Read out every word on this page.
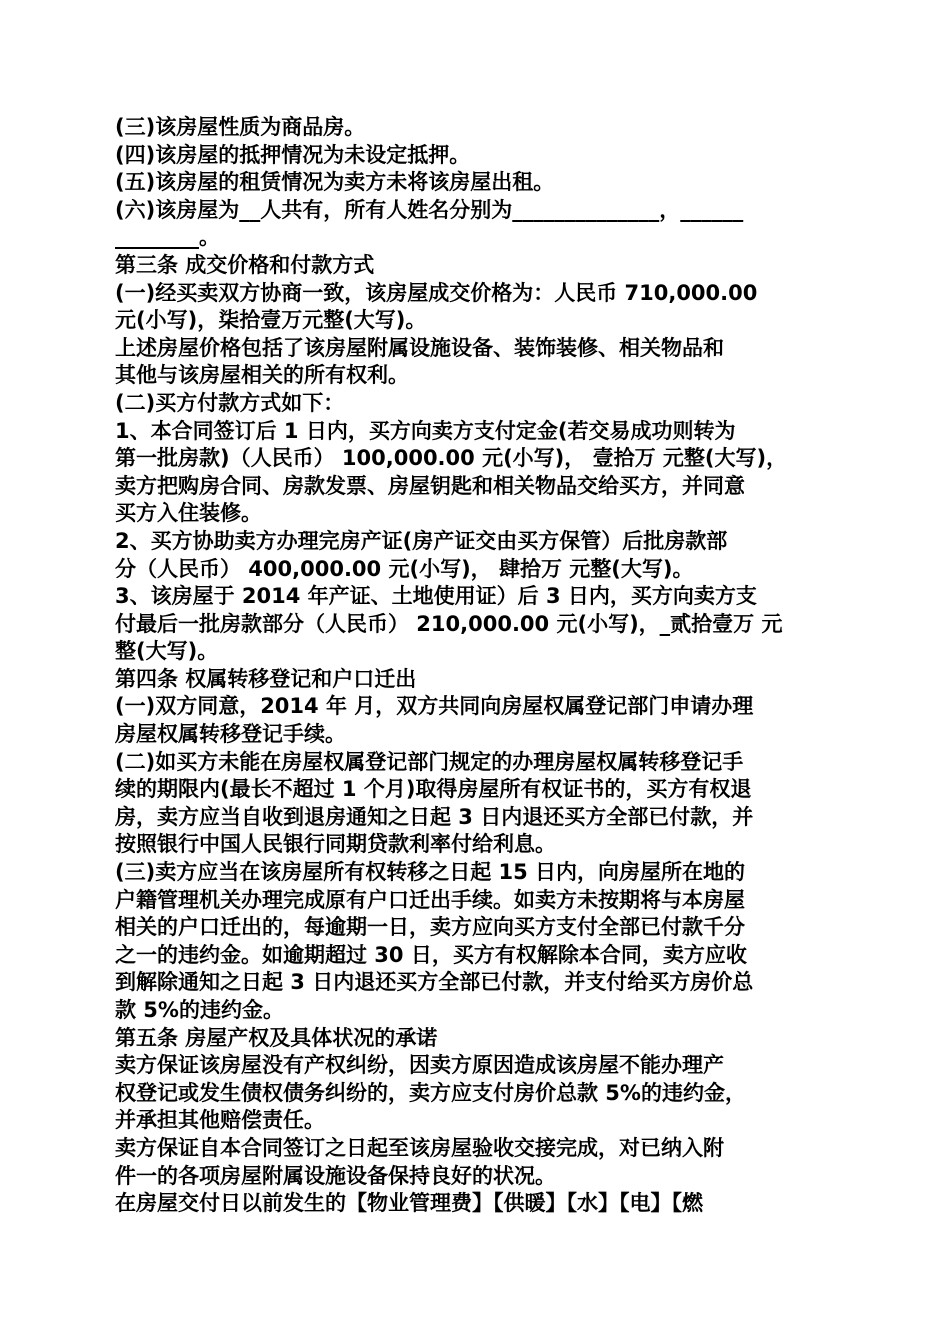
(三)该房屋性质为商品房。
(四)该房屋的抵押情况为未设定抵押。
(五)该房屋的租赁情况为卖方未将该房屋出租。
(六)该房屋为__人共有，所有人姓名分别为______________，______
________。
第三条 成交价格和付款方式
(一)经买卖双方协商一致，该房屋成交价格为：人民币 710,000.00
元(小写)，柒拾壹万元整(大写)。
上述房屋价格包括了该房屋附属设施设备、装饰装修、相关物品和
其他与该房屋相关的所有权利。
(二)买方付款方式如下：
1、本合同签订后 1 日内，买方向卖方支付定金(若交易成功则转为
第一批房款)（人民币） 100,000.00 元(小写)， 壹拾万 元整(大写)，
卖方把购房合同、房款发票、房屋钥匙和相关物品交给买方，并同意
买方入住装修。
2、买方协助卖方办理完房产证(房产证交由买方保管）后批房款部
分（人民币） 400,000.00 元(小写)， 肆拾万 元整(大写)。
3、该房屋于 2014 年产证、土地使用证）后 3 日内，买方向卖方支
付最后一批房款部分（人民币） 210,000.00 元(小写)，_贰拾壹万 元
整(大写)。
第四条 权属转移登记和户口迁出
(一)双方同意，2014 年 月，双方共同向房屋权属登记部门申请办理
房屋权属转移登记手续。
(二)如买方未能在房屋权属登记部门规定的办理房屋权属转移登记手
续的期限内(最长不超过 1 个月)取得房屋所有权证书的，买方有权退
房，卖方应当自收到退房通知之日起 3 日内退还买方全部已付款，并
按照银行中国人民银行同期贷款利率付给利息。
(三)卖方应当在该房屋所有权转移之日起 15 日内，向房屋所在地的
户籍管理机关办理完成原有户口迁出手续。如卖方未按期将与本房屋
相关的户口迁出的，每逾期一日，卖方应向买方支付全部已付款千分
之一的违约金。如逾期超过 30 日，买方有权解除本合同，卖方应收
到解除通知之日起 3 日内退还买方全部已付款，并支付给买方房价总
款 5%的违约金。
第五条 房屋产权及具体状况的承诺
卖方保证该房屋没有产权纠纷，因卖方原因造成该房屋不能办理产
权登记或发生债权债务纠纷的，卖方应支付房价总款 5%的违约金，
并承担其他赔偿责任。
卖方保证自本合同签订之日起至该房屋验收交接完成，对已纳入附
件一的各项房屋附属设施设备保持良好的状况。
在房屋交付日以前发生的【物业管理费】【供暖】【水】【电】【燃
